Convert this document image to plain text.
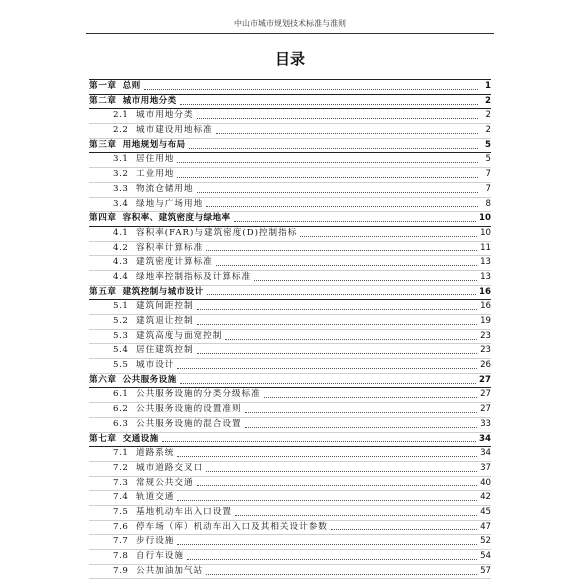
中山市城市规划技术标准与准则
目录
第一章 总则	1
第二章 城市用地分类	2
2.1 城市用地分类	2
2.2 城市建设用地标准	2
第三章 用地规划与布局	5
3.1 居住用地	5
3.2 工业用地	7
3.3 物流仓储用地	7
3.4 绿地与广场用地	8
第四章 容积率、建筑密度与绿地率	10
4.1 容积率(FAR)与建筑密度(D)控制指标	10
4.2 容积率计算标准	11
4.3 建筑密度计算标准	13
4.4 绿地率控制指标及计算标准	13
第五章 建筑控制与城市设计	16
5.1 建筑间距控制	16
5.2 建筑退让控制	19
5.3 建筑高度与面宽控制	23
5.4 居住建筑控制	23
5.5 城市设计	26
第六章 公共服务设施	27
6.1 公共服务设施的分类分级标准	27
6.2 公共服务设施的设置准则	27
6.3 公共服务设施的混合设置	33
第七章 交通设施	34
7.1 道路系统	34
7.2 城市道路交叉口	37
7.3 常规公共交通	40
7.4 轨道交通	42
7.5 基地机动车出入口设置	45
7.6 停车场（库）机动车出入口及其相关设计参数	47
7.7 步行设施	52
7.8 自行车设施	54
7.9 公共加油加气站	57
